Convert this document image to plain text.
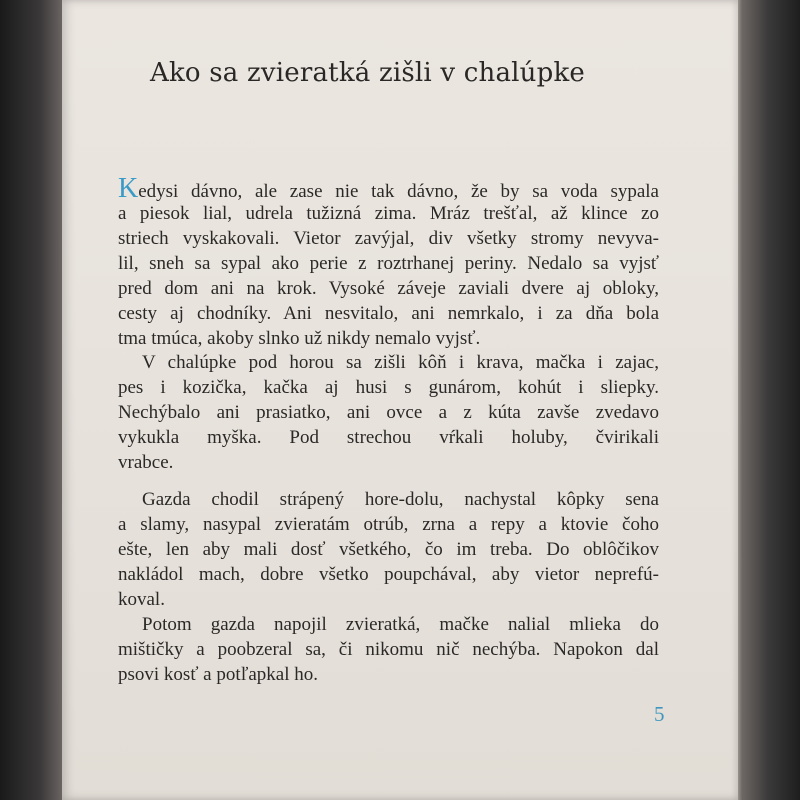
Ako sa zvieratká zišli v chalúpke
Kedysi dávno, ale zase nie tak dávno, že by sa voda sypala
a piesok lial, udrela tužizná zima. Mráz trešťal, až klince zo
striech vyskakovali. Vietor zavýjal, div všetky stromy nevyva-
lil, sneh sa sypal ako perie z roztrhanej periny. Nedalo sa vyjsť
pred dom ani na krok. Vysoké záveje zaviali dvere aj obloky,
cesty aj chodníky. Ani nesvitalo, ani nemrkalo, i za dňa bola
tma tmúca, akoby slnko už nikdy nemalo vyjsť.
V chalúpke pod horou sa zišli kôň i krava, mačka i zajac,
pes i kozička, kačka aj husi s gunárom, kohút i sliepky.
Nechýbalo ani prasiatko, ani ovce a z kúta zavše zvedavo
vykukla myška. Pod strechou vŕkali holuby, čvirikali
vrabce.
Gazda chodil strápený hore-dolu, nachystal kôpky sena
a slamy, nasypal zvieratám otrúb, zrna a repy a ktovie čoho
ešte, len aby mali dosť všetkého, čo im treba. Do oblôčikov
nakládol mach, dobre všetko poupchával, aby vietor neprefú-
koval.
Potom gazda napojil zvieratká, mačke nalial mlieka do
mištičky a poobzeral sa, či nikomu nič nechýba. Napokon dal
psovi kosť a potľapkal ho.
5
